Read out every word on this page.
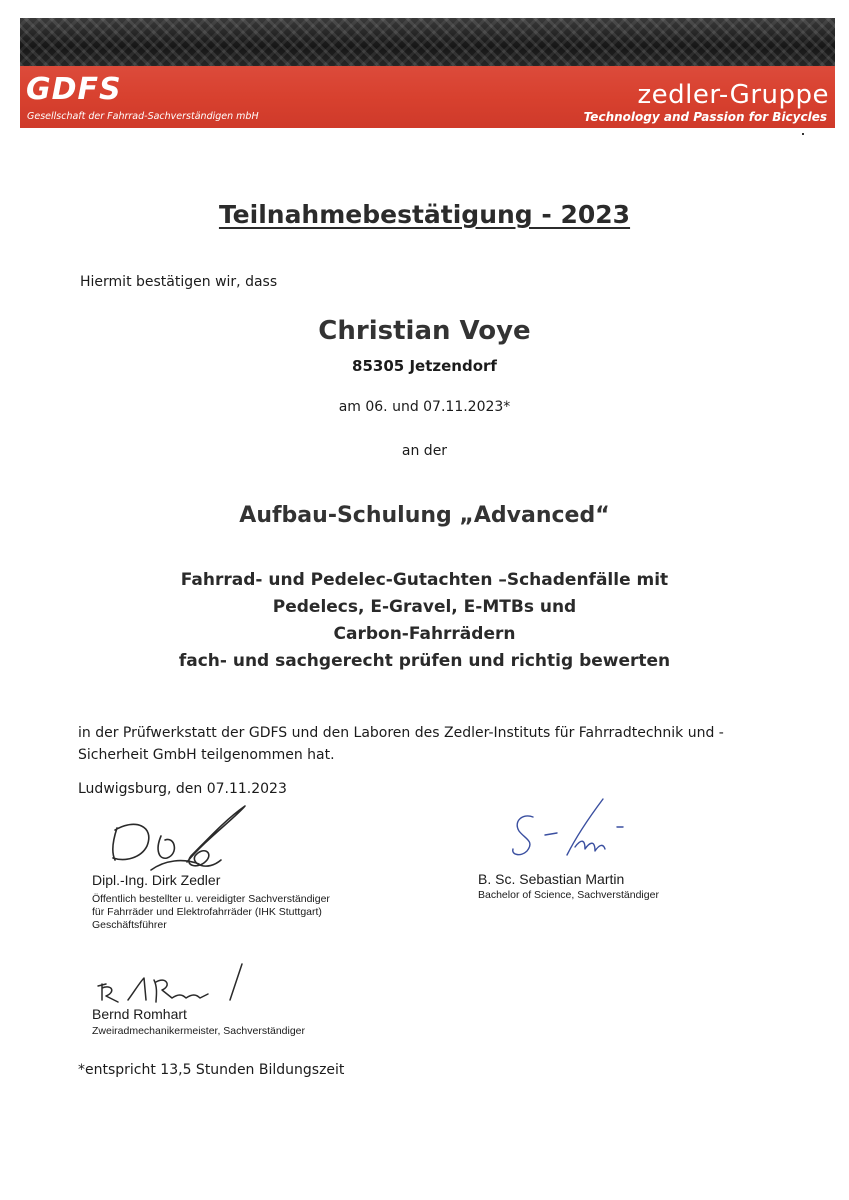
GDFS
Gesellschaft der Fahrrad-Sachverständigen mbH
zedler-Gruppe
Technology and Passion for Bicycles
Teilnahmebestätigung - 2023
Hiermit bestätigen wir, dass
Christian Voye
85305 Jetzendorf
am 06. und 07.11.2023*
an der
Aufbau-Schulung „Advanced“
Fahrrad- und Pedelec-Gutachten –Schadenfälle mit
Pedelecs, E-Gravel, E-MTBs und
Carbon-Fahrrädern
fach- und sachgerecht prüfen und richtig bewerten
in der Prüfwerkstatt der GDFS und den Laboren des Zedler-Instituts für Fahrradtechnik und -Sicherheit GmbH teilgenommen hat.
Ludwigsburg, den 07.11.2023
Dipl.-Ing. Dirk Zedler
Öffentlich bestellter u. vereidigter Sachverständiger
für Fahrräder und Elektrofahrräder (IHK Stuttgart)
Geschäftsführer
B. Sc. Sebastian Martin
Bachelor of Science, Sachverständiger
Bernd Romhart
Zweiradmechanikermeister, Sachverständiger
*entspricht 13,5 Stunden Bildungszeit
